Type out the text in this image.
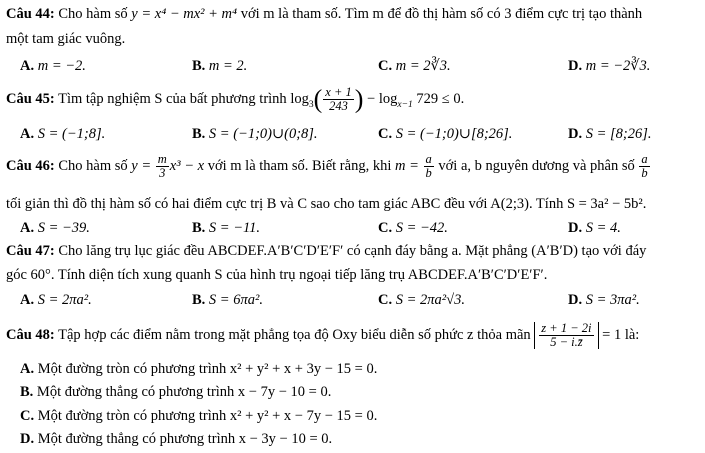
Câu 44: Cho hàm số y = x⁴ − mx² + m⁴ với m là tham số. Tìm m để đồ thị hàm số có 3 điểm cực trị tạo thành
một tam giác vuông.
A. m = −2.	B. m = 2.	C. m = 2∛3.	D. m = −2∛3.
Câu 45: Tìm tập nghiệm S của bất phương trình $\log_3( \frac{x + 1}{243}$ ) − $\log_{x-1} 729 \le 0$.
A. S = (−1;8].	B. S = (−1;0)∪(0;8].	C. S = (−1;0)∪[8;26].	D. S = [8;26].
Câu 46: Cho hàm số $y = \frac{m}{3} x^3 - x$ với m là tham số. Biết rằng, khi $m = \frac{a}{b}$ với a, b nguyên dương và phân số $\frac{a}{b}$
tối giản thì đồ thị hàm số có hai điểm cực trị B và C sao cho tam giác ABC đều với A(2;3). Tính S = 3a² − 5b².
A. S = −39.	B. S = −11.	C. S = −42.	D. S = 4.
Câu 47: Cho lăng trụ lục giác đều ABCDEF.A′B′C′D′E′F′ có cạnh đáy bằng a. Mặt phẳng (A′B′D) tạo với đáy
góc 60°. Tính diện tích xung quanh S của hình trụ ngoại tiếp lăng trụ ABCDEF.A′B′C′D′E′F′.
A. S = 2πa².	B. S = 6πa².	C. S = 2πa²√3.	D. S = 3πa².
Câu 48: Tập hợp các điểm nằm trong mặt phẳng tọa độ Oxy biểu diễn số phức z thỏa mãn $\frac{z + 1 - 2i}{5 - i.z̄} = 1$ là:
A. Một đường tròn có phương trình x² + y² + x + 3y − 15 = 0.
B. Một đường thẳng có phương trình x − 7y − 10 = 0.
C. Một đường tròn có phương trình x² + y² + x − 7y − 15 = 0.
D. Một đường thẳng có phương trình x − 3y − 10 = 0.
